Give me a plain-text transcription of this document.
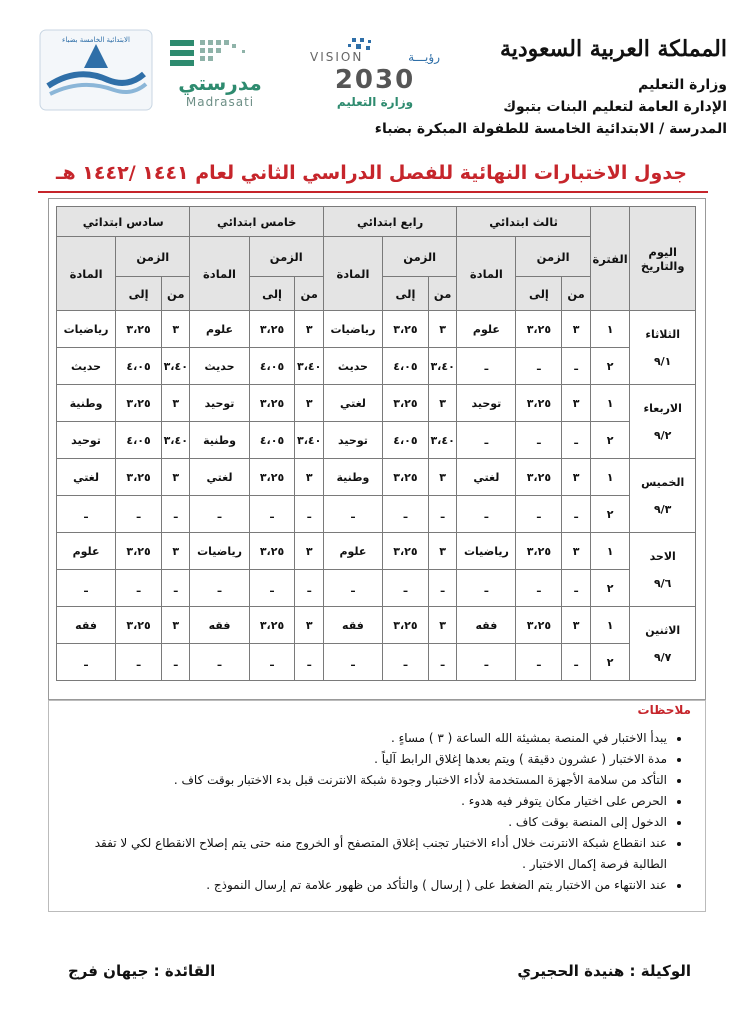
المملكة العربية السعودية
وزارة التعليم
الإدارة العامة لتعليم البنات بتبوك
المدرسة / الابتدائية الخامسة للطفولة المبكرة بضباء
VISION	رؤيـــة
2030
وزارة التعليم
مدرستي
Madrasati
الابتدائية الخامسة بضباء
جدول الاختبارات النهائية للفصل الدراسي الثاني لعام ١٤٤١ /١٤٤٢ هـ
اليوم والتاريخ	الفترة	ثالث ابتدائي			رابع ابتدائي			خامس ابتدائي			سادس ابتدائي		
		الزمن		المادة	الزمن		المادة	الزمن		المادة	الزمن		المادة
		من	إلى		من	إلى		من	إلى		من	إلى	

الثلاثاء
٩/١	١	٣	٣،٢٥	علوم	٣	٣،٢٥	رياضيات	٣	٣،٢٥	علوم	٣	٣،٢٥	رياضيات
	٢	ـ	ـ	ـ	٣،٤٠	٤،٠٥	حديث	٣،٤٠	٤،٠٥	حديث	٣،٤٠	٤،٠٥	حديث

الاربعاء
٩/٢	١	٣	٣،٢٥	توحيد	٣	٣،٢٥	لغتي	٣	٣،٢٥	توحيد	٣	٣،٢٥	وطنية
	٢	ـ	ـ	ـ	٣،٤٠	٤،٠٥	توحيد	٣،٤٠	٤،٠٥	وطنية	٣،٤٠	٤،٠٥	توحيد

الخميس
٩/٣	١	٣	٣،٢٥	لغتي	٣	٣،٢٥	وطنية	٣	٣،٢٥	لغتي	٣	٣،٢٥	لغتي
	٢	ـ	ـ	ـ	ـ	ـ	ـ	ـ	ـ	ـ	ـ	ـ	ـ

الاحد
٩/٦	١	٣	٣،٢٥	رياضيات	٣	٣،٢٥	علوم	٣	٣،٢٥	رياضيات	٣	٣،٢٥	علوم
	٢	ـ	ـ	ـ	ـ	ـ	ـ	ـ	ـ	ـ	ـ	ـ	ـ

الاثنين
٩/٧	١	٣	٣،٢٥	فقه	٣	٣،٢٥	فقه	٣	٣،٢٥	فقه	٣	٣،٢٥	فقه
	٢	ـ	ـ	ـ	ـ	ـ	ـ	ـ	ـ	ـ	ـ	ـ	ـ
ملاحظات
• يبدأ الاختبار في المنصة بمشيئة الله الساعة ( ٣ ) مساءٍ .
• مدة الاختبار ( عشرون دقيقة ) ويتم بعدها إغلاق الرابط آلياً .
• التأكد من سلامة الأجهزة المستخدمة لأداء الاختبار وجودة شبكة الانترنت قبل بدء الاختبار بوقت كاف .
• الحرص على اختيار مكان يتوفر فيه هدوء .
• الدخول إلى المنصة بوقت كاف .
• عند انقطاع شبكة الانترنت خلال أداء الاختبار تجنب إغلاق المتصفح أو الخروج منه حتى يتم إصلاح الانقطاع لكي لا تفقد الطالبة فرصة إكمال الاختبار .
• عند الانتهاء من الاختبار يتم الضغط على ( إرسال ) والتأكد من ظهور علامة تم إرسال النموذج .
الوكيلة : هنيدة الحجيري
القائدة : جيهان فرج
